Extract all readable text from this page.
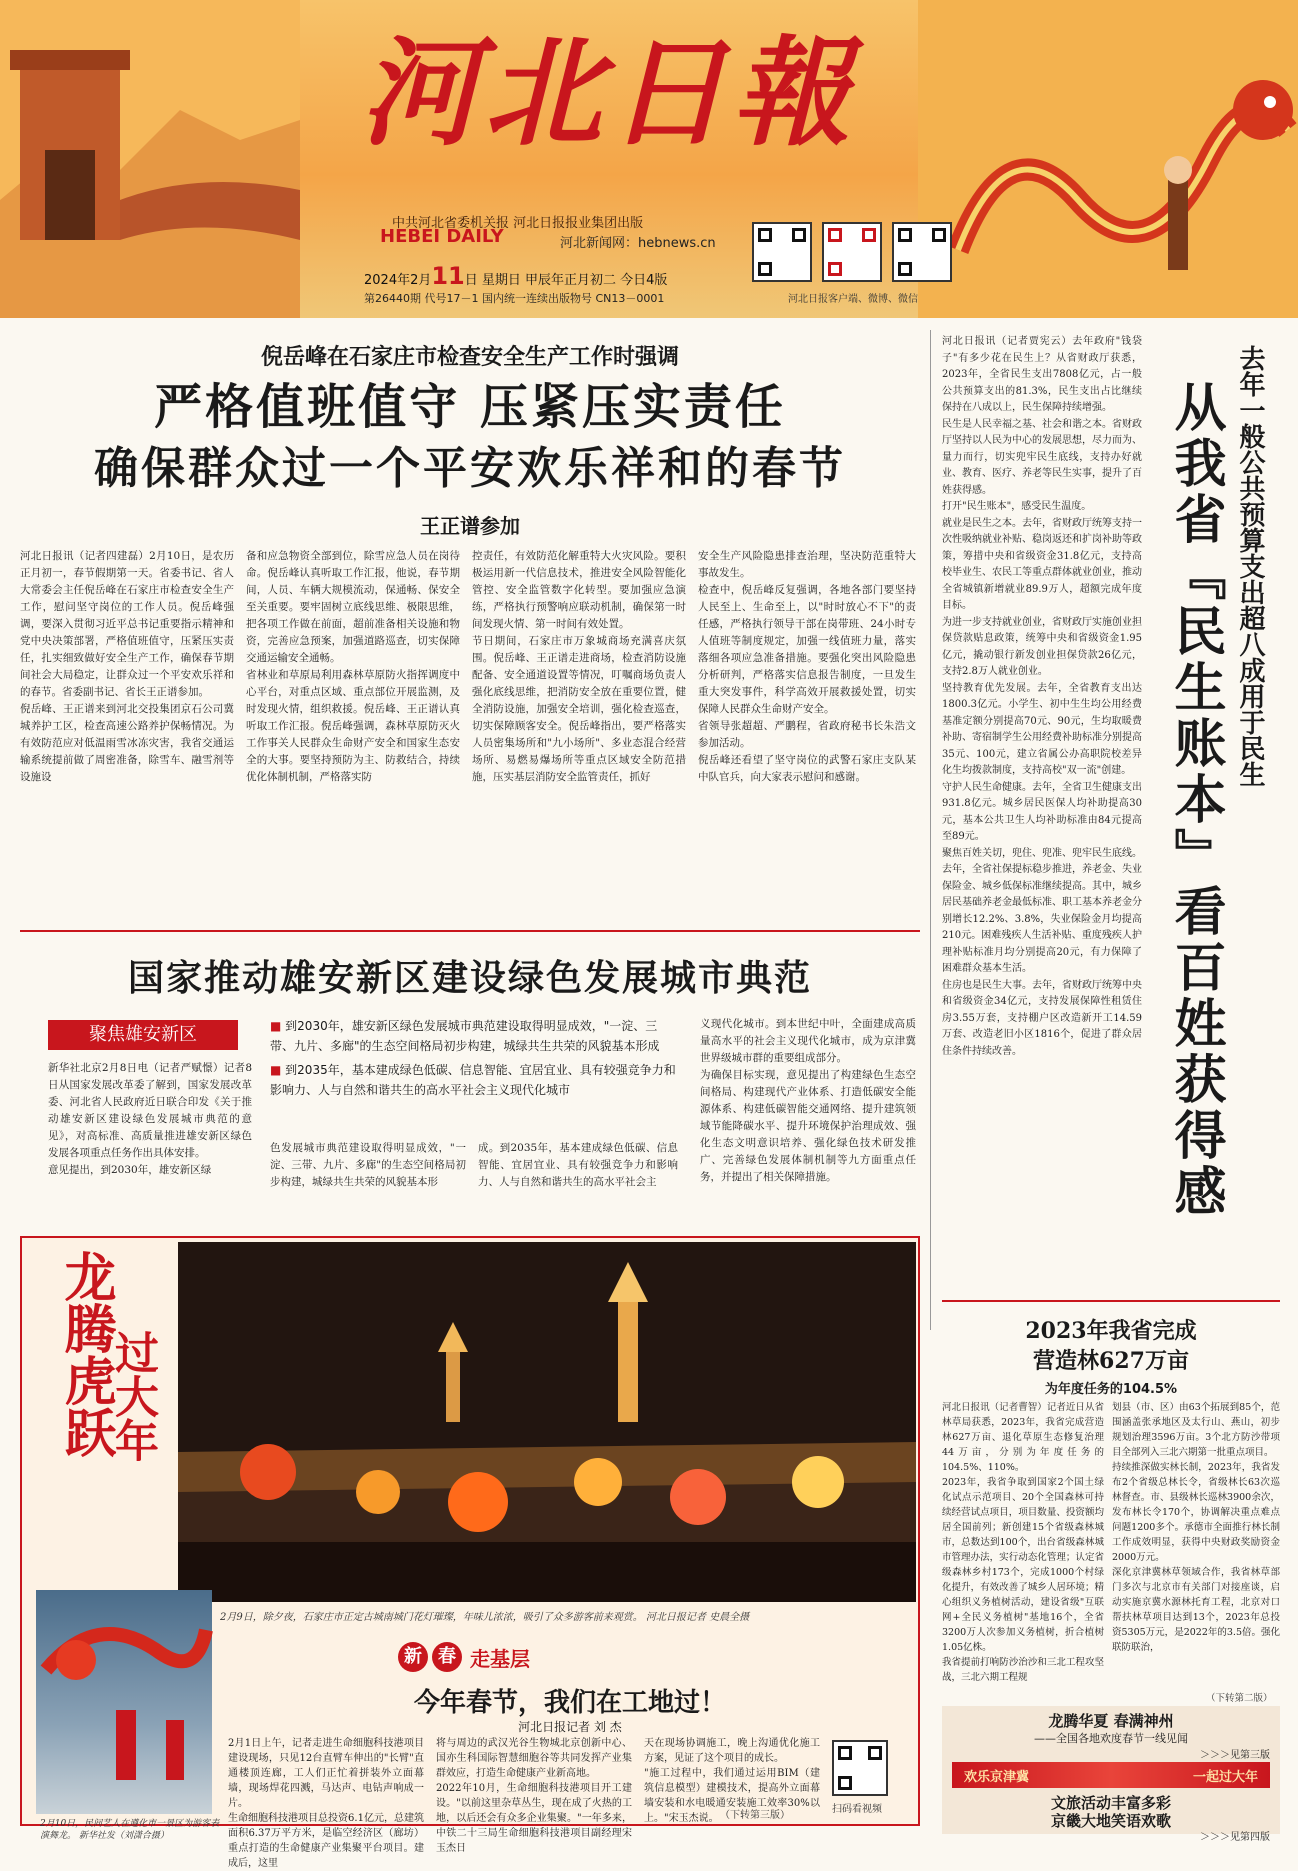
河北日報
中共河北省委机关报 河北日报报业集团出版
HEBEI DAILY	河北新闻网：hebnews.cn
2024年2月11日 星期日 甲辰年正月初二 今日4版
第26440期 代号17－1 国内统一连续出版物号 CN13－0001	河北日报客户端、微博、微信
倪岳峰在石家庄市检查安全生产工作时强调
严格值班值守 压紧压实责任
确保群众过一个平安欢乐祥和的春节
王正谱参加
河北日报讯（记者四建磊）2月10日，是农历正月初一，春节假期第一天。省委书记、省人大常委会主任倪岳峰在石家庄市检查安全生产工作，慰问坚守岗位的工作人员。倪岳峰强调，要深入贯彻习近平总书记重要指示精神和党中央决策部署，严格值班值守，压紧压实责任，扎实细致做好安全生产工作，确保春节期间社会大局稳定，让群众过一个平安欢乐祥和的春节。省委副书记、省长王正谱参加。
倪岳峰、王正谱来到河北交投集团京石公司冀城养护工区，检查高速公路养护保畅情况。为有效防范应对低温雨雪冰冻灾害，我省交通运输系统提前做了周密准备，除雪车、融雪剂等设施设
备和应急物资全部到位，除雪应急人员在岗待命。倪岳峰认真听取工作汇报，他说，春节期间，人员、车辆大规模流动，保通畅、保安全至关重要。要牢固树立底线思维、极限思维，把各项工作做在前面，超前准备相关设施和物资，完善应急预案，加强道路巡查，切实保障交通运输安全通畅。
省林业和草原局利用森林草原防火指挥调度中心平台，对重点区域、重点部位开展监测，及时发现火情，组织救援。倪岳峰、王正谱认真听取工作汇报。倪岳峰强调，森林草原防灭火工作事关人民群众生命财产安全和国家生态安全的大事。要坚持预防为主、防救结合，持续优化体制机制，严格落实防
控责任，有效防范化解重特大火灾风险。要积极运用新一代信息技术，推进安全风险智能化管控、安全监管数字化转型。要加强应急演练，严格执行预警响应联动机制，确保第一时间发现火情、第一时间有效处置。
节日期间，石家庄市万象城商场充满喜庆氛围。倪岳峰、王正谱走进商场，检查消防设施配备、安全通道设置等情况，叮嘱商场负责人强化底线思维，把消防安全放在重要位置，健全消防设施，加强安全培训，强化检查巡查，切实保障顾客安全。倪岳峰指出，要严格落实人员密集场所和"九小场所"、多业态混合经营场所、易燃易爆场所等重点区域安全防范措施，压实基层消防安全监管责任，抓好
安全生产风险隐患排查治理，坚决防范重特大事故发生。
检查中，倪岳峰反复强调，各地各部门要坚持人民至上、生命至上，以"时时放心不下"的责任感，严格执行领导干部在岗带班、24小时专人值班等制度规定，加强一线值班力量，落实落细各项应急准备措施。要强化突出风险隐患分析研判，严格落实信息报告制度，一旦发生重大突发事件，科学高效开展救援处置，切实保障人民群众生命财产安全。
省领导张超超、严鹏程，省政府秘书长朱浩文参加活动。
倪岳峰还看望了坚守岗位的武警石家庄支队某中队官兵，向大家表示慰问和感谢。
河北日报讯（记者贾宪云）去年政府"钱袋子"有多少花在民生上？从省财政厅获悉，2023年，全省民生支出7808亿元，占一般公共预算支出的81.3%，民生支出占比继续保持在八成以上，民生保障持续增强。
民生是人民幸福之基、社会和谐之本。省财政厅坚持以人民为中心的发展思想，尽力而为、量力而行，切实兜牢民生底线，支持办好就业、教育、医疗、养老等民生实事，提升了百姓获得感。
打开"民生账本"，感受民生温度。
就业是民生之本。去年，省财政厅统筹支持一次性吸纳就业补贴、稳岗返还和扩岗补助等政策，筹措中央和省级资金31.8亿元，支持高校毕业生、农民工等重点群体就业创业，推动全省城镇新增就业89.9万人，超额完成年度目标。
为进一步支持就业创业，省财政厅实施创业担保贷款贴息政策，统筹中央和省级资金1.95亿元，撬动银行新发创业担保贷款26亿元，支持2.8万人就业创业。
坚持教育优先发展。去年，全省教育支出达1800.3亿元。小学生、初中生生均公用经费基准定额分别提高70元、90元，生均取暖费补助、寄宿制学生公用经费补助标准分别提高35元、100元，建立省属公办高职院校差异化生均拨款制度，支持高校"双一流"创建。
守护人民生命健康。去年，全省卫生健康支出931.8亿元。城乡居民医保人均补助提高30元，基本公共卫生人均补助标准由84元提高至89元。
聚焦百姓关切，兜住、兜准、兜牢民生底线。
去年，全省社保提标稳步推进，养老金、失业保险金、城乡低保标准继续提高。其中，城乡居民基础养老金最低标准、职工基本养老金分别增长12.2%、3.8%，失业保险金月均提高210元。困难残疾人生活补贴、重度残疾人护理补贴标准月均分别提高20元，有力保障了困难群众基本生活。
住房也是民生大事。去年，省财政厅统筹中央和省级资金34亿元，支持发展保障性租赁住房3.55万套，支持棚户区改造新开工14.59万套、改造老旧小区1816个，促进了群众居住条件持续改善。
去年一般公共预算支出超八成用于民生
从我省『民生账本』看百姓获得感
国家推动雄安新区建设绿色发展城市典范
聚焦雄安新区
新华社北京2月8日电（记者严赋憬）记者8日从国家发展改革委了解到，国家发展改革委、河北省人民政府近日联合印发《关于推动雄安新区建设绿色发展城市典范的意见》，对高标准、高质量推进雄安新区绿色发展各项重点任务作出具体安排。
意见提出，到2030年，雄安新区绿
■ 到2030年，雄安新区绿色发展城市典范建设取得明显成效，"一淀、三带、九片、多廊"的生态空间格局初步构建，城绿共生共荣的风貌基本形成
■ 到2035年，基本建成绿色低碳、信息智能、宜居宜业、具有较强竞争力和影响力、人与自然和谐共生的高水平社会主义现代化城市
色发展城市典范建设取得明显成效，"一淀、三带、九片、多廊"的生态空间格局初步构建，城绿共生共荣的风貌基本形
成。到2035年，基本建成绿色低碳、信息智能、宜居宜业、具有较强竞争力和影响力、人与自然和谐共生的高水平社会主
义现代化城市。到本世纪中叶，全面建成高质量高水平的社会主义现代化城市，成为京津冀世界级城市群的重要组成部分。
为确保目标实现，意见提出了构建绿色生态空间格局、构建现代产业体系、打造低碳安全能源体系、构建低碳智能交通网络、提升建筑领域节能降碳水平、提升环境保护治理成效、强化生态文明意识培养、强化绿色技术研发推广、完善绿色发展体制机制等九方面重点任务，并提出了相关保障措施。
龙腾虎跃
过大年
2月9日，除夕夜，石家庄市正定古城南城门花灯璀璨，年味儿浓浓，吸引了众多游客前来观赏。 河北日报记者 史晨全摄
2月10日，民间艺人在遵化市一景区为游客表演舞龙。 新华社发（刘潇合摄）
新 春 走基层
今年春节，我们在工地过！
河北日报记者 刘 杰
2月1日上午，记者走进生命细胞科技港项目建设现场，只见12台直臂车伸出的"长臂"直通楼顶连廊，工人们正忙着拼装外立面幕墙，现场焊花四溅，马达声、电钻声响成一片。
生命细胞科技港项目总投资6.1亿元，总建筑面积6.37万平方米，是临空经济区（廊坊）重点打造的生命健康产业集聚平台项目。建成后，这里
将与周边的武汉光谷生物城北京创新中心、国亦生科国际智慧细胞谷等共同发挥产业集群效应，打造生命健康产业新高地。
2022年10月，生命细胞科技港项目开工建设。"以前这里杂草丛生，现在成了火热的工地，以后还会有众多企业集聚。"一年多来，中铁二十三局生命细胞科技港项目副经理宋玉杰日
天在现场协调施工，晚上沟通优化施工方案，见证了这个项目的成长。
"施工过程中，我们通过运用BIM（建筑信息模型）建模技术，提高外立面幕墙安装和水电暖通安装施工效率30%以上。"宋玉杰说。 （下转第三版）
扫码看视频
2023年我省完成
营造林627万亩
为年度任务的104.5%
河北日报讯（记者曹智）记者近日从省林草局获悉，2023年，我省完成营造林627万亩、退化草原生态修复治理44万亩，分别为年度任务的104.5%、110%。
2023年，我省争取到国家2个国土绿化试点示范项目、20个全国森林可持续经营试点项目，项目数量、投资额均居全国前列；新创建15个省级森林城市，总数达到100个，出台省级森林城市管理办法，实行动态化管理；认定省级森林乡村173个，完成1000个村绿化提升，有效改善了城乡人居环境；精心组织义务植树活动，建设省级"互联网+全民义务植树"基地16个，全省3200万人次参加义务植树，折合植树1.05亿株。
我省提前打响防沙治沙和三北工程攻坚战，三北六期工程规
划县（市、区）由63个拓展到85个，范围涵盖张承地区及太行山、燕山，初步规划治理3596万亩。3个北方防沙带项目全部列入三北六期第一批重点项目。
持续推深做实林长制，2023年，我省发布2个省级总林长令，省级林长63次巡林督查。市、县级林长巡林3900余次，发布林长令170个，协调解决重点难点问题1200多个。承德市全面推行林长制工作成效明显，获得中央财政奖励资金2000万元。
深化京津冀林草领域合作，我省林草部门多次与北京市有关部门对接座谈，启动实施京冀水源林托育工程，北京对口帮扶林草项目达到13个，2023年总投资5305万元，是2022年的3.5倍。强化联防联治，
（下转第二版）
龙腾华夏 春满神州
——全国各地欢度春节一线见闻
＞＞＞见第三版
欢乐京津冀	一起过大年
文旅活动丰富多彩
京畿大地笑语欢歌
＞＞＞见第四版
